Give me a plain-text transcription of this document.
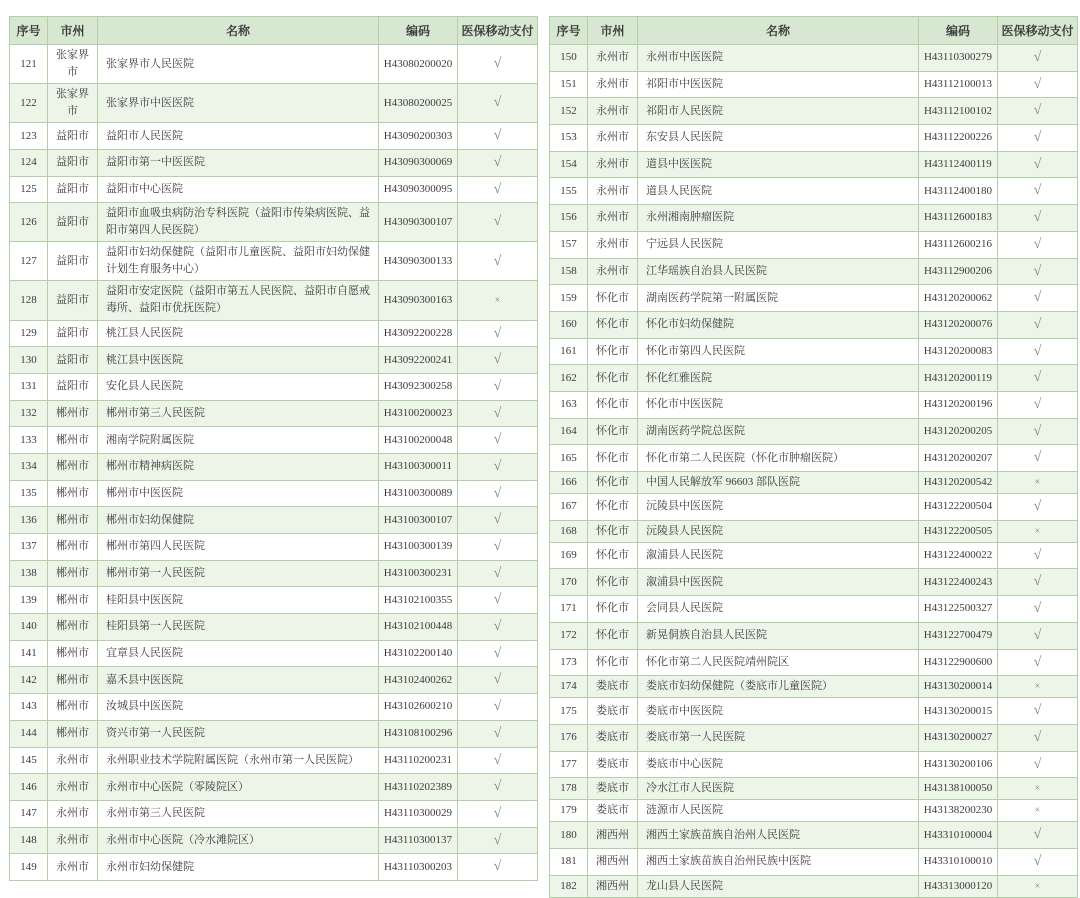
序号	市州	名称	编码	医保移动支付
121	张家界市	张家界市人民医院	H43080200020	√
122	张家界市	张家界市中医医院	H43080200025	√
123	益阳市	益阳市人民医院	H43090200303	√
124	益阳市	益阳市第一中医医院	H43090300069	√
125	益阳市	益阳市中心医院	H43090300095	√
126	益阳市	益阳市血吸虫病防治专科医院（益阳市传染病医院、益阳市第四人民医院）	H43090300107	√
127	益阳市	益阳市妇幼保健院（益阳市儿童医院、益阳市妇幼保健计划生育服务中心）	H43090300133	√
128	益阳市	益阳市安定医院（益阳市第五人民医院、益阳市自愿戒毒所、益阳市优抚医院）	H43090300163	×
129	益阳市	桃江县人民医院	H43092200228	√
130	益阳市	桃江县中医医院	H43092200241	√
131	益阳市	安化县人民医院	H43092300258	√
132	郴州市	郴州市第三人民医院	H43100200023	√
133	郴州市	湘南学院附属医院	H43100200048	√
134	郴州市	郴州市精神病医院	H43100300011	√
135	郴州市	郴州市中医医院	H43100300089	√
136	郴州市	郴州市妇幼保健院	H43100300107	√
137	郴州市	郴州市第四人民医院	H43100300139	√
138	郴州市	郴州市第一人民医院	H43100300231	√
139	郴州市	桂阳县中医医院	H43102100355	√
140	郴州市	桂阳县第一人民医院	H43102100448	√
141	郴州市	宜章县人民医院	H43102200140	√
142	郴州市	嘉禾县中医医院	H43102400262	√
143	郴州市	汝城县中医医院	H43102600210	√
144	郴州市	资兴市第一人民医院	H43108100296	√
145	永州市	永州职业技术学院附属医院（永州市第一人民医院）	H43110200231	√
146	永州市	永州市中心医院（零陵院区）	H43110202389	√
147	永州市	永州市第三人民医院	H43110300029	√
148	永州市	永州市中心医院（冷水滩院区）	H43110300137	√
149	永州市	永州市妇幼保健院	H43110300203	√
序号	市州	名称	编码	医保移动支付
150	永州市	永州市中医医院	H43110300279	√
151	永州市	祁阳市中医医院	H43112100013	√
152	永州市	祁阳市人民医院	H43112100102	√
153	永州市	东安县人民医院	H43112200226	√
154	永州市	道县中医医院	H43112400119	√
155	永州市	道县人民医院	H43112400180	√
156	永州市	永州湘南肿瘤医院	H43112600183	√
157	永州市	宁远县人民医院	H43112600216	√
158	永州市	江华瑶族自治县人民医院	H43112900206	√
159	怀化市	湖南医药学院第一附属医院	H43120200062	√
160	怀化市	怀化市妇幼保健院	H43120200076	√
161	怀化市	怀化市第四人民医院	H43120200083	√
162	怀化市	怀化红雅医院	H43120200119	√
163	怀化市	怀化市中医医院	H43120200196	√
164	怀化市	湖南医药学院总医院	H43120200205	√
165	怀化市	怀化市第二人民医院（怀化市肿瘤医院）	H43120200207	√
166	怀化市	中国人民解放军 96603 部队医院	H43120200542	×
167	怀化市	沅陵县中医医院	H43122200504	√
168	怀化市	沅陵县人民医院	H43122200505	×
169	怀化市	溆浦县人民医院	H43122400022	√
170	怀化市	溆浦县中医医院	H43122400243	√
171	怀化市	会同县人民医院	H43122500327	√
172	怀化市	新晃侗族自治县人民医院	H43122700479	√
173	怀化市	怀化市第二人民医院靖州院区	H43122900600	√
174	娄底市	娄底市妇幼保健院（娄底市儿童医院）	H43130200014	×
175	娄底市	娄底市中医医院	H43130200015	√
176	娄底市	娄底市第一人民医院	H43130200027	√
177	娄底市	娄底市中心医院	H43130200106	√
178	娄底市	冷水江市人民医院	H43138100050	×
179	娄底市	涟源市人民医院	H43138200230	×
180	湘西州	湘西土家族苗族自治州人民医院	H43310100004	√
181	湘西州	湘西土家族苗族自治州民族中医院	H43310100010	√
182	湘西州	龙山县人民医院	H43313000120	×
